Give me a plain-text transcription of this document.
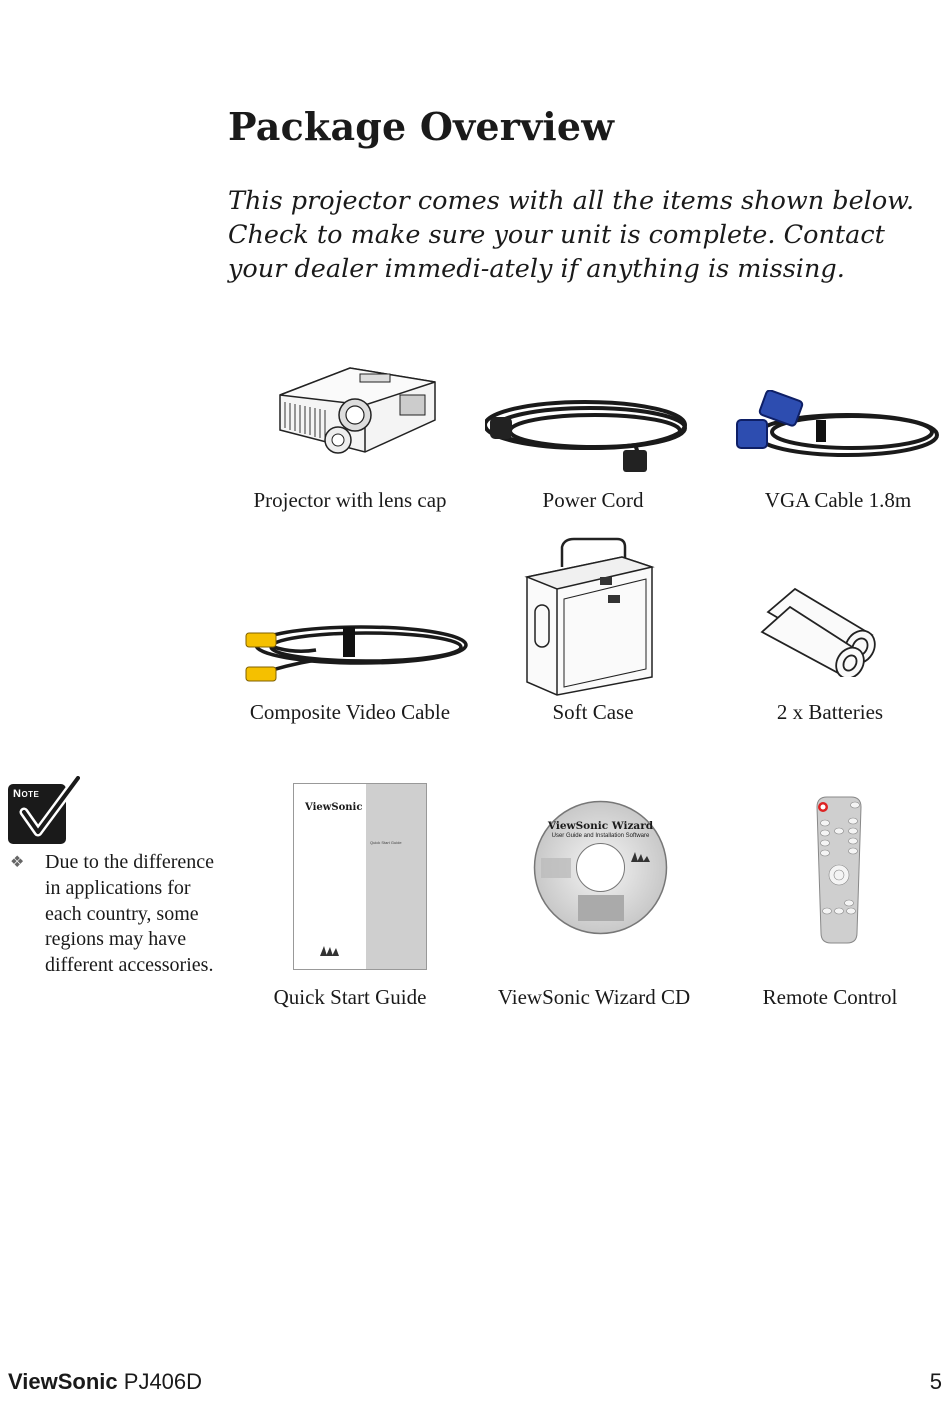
Package Overview
This projector comes with all the items shown below. Check to make sure your unit is complete. Contact your dealer immedi-ately if anything is missing.
Projector with lens cap	Power Cord	VGA Cable 1.8m
Composite Video Cable	Soft Case	2 x Batteries
ViewSonic
Quick Start Guide
Quick Start Guide
ViewSonic Wizard
User Guide and Installation Software
ViewSonic Wizard CD	Remote Control
Note
❖ Due to the difference in applications for each country, some regions may have different accessories.
ViewSonic PJ406D	5
